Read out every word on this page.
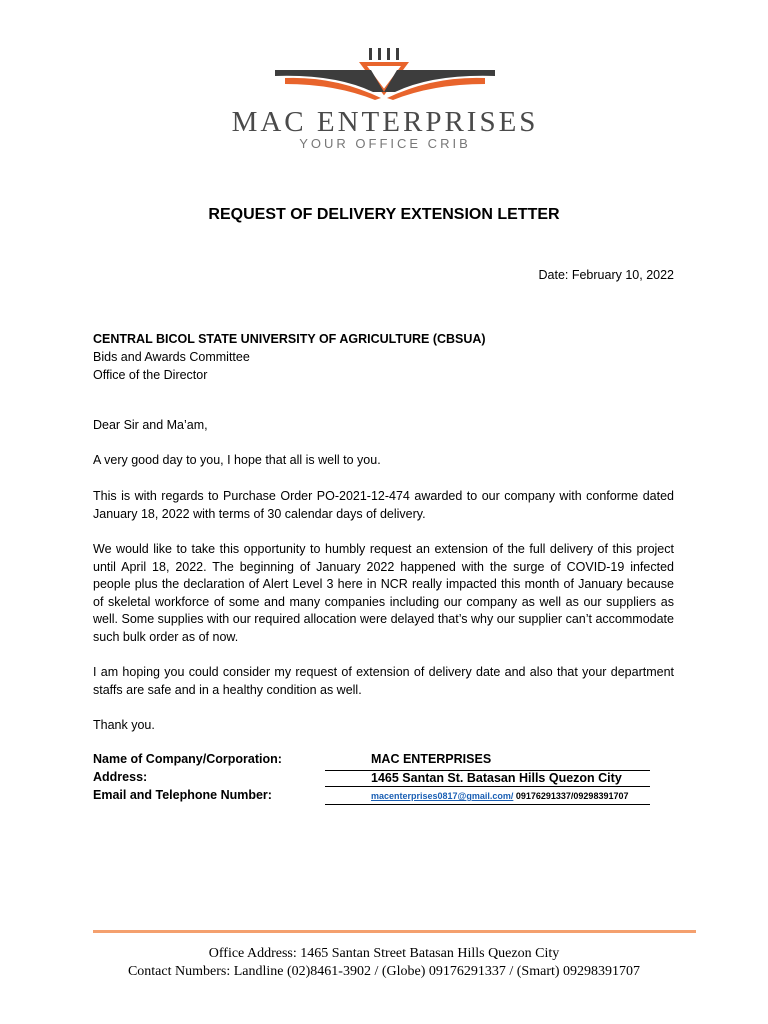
MAC ENTERPRISES
YOUR OFFICE CRIB
REQUEST OF DELIVERY EXTENSION LETTER
Date: February 10, 2022
CENTRAL BICOL STATE UNIVERSITY OF AGRICULTURE (CBSUA)
Bids and Awards Committee
Office of the Director
Dear Sir and Ma’am,
A very good day to you, I hope that all is well to you.
This is with regards to Purchase Order PO-2021-12-474 awarded to our company with conforme dated January 18, 2022 with terms of 30 calendar days of delivery.
We would like to take this opportunity to humbly request an extension of the full delivery of this project until April 18, 2022. The beginning of January 2022 happened with the surge of COVID-19 infected people plus the declaration of Alert Level 3 here in NCR really impacted this month of January because of skeletal workforce of some and many companies including our company as well as our suppliers as well. Some supplies with our required allocation were delayed that’s why our supplier can’t accommodate such bulk order as of now.
I am hoping you could consider my request of extension of delivery date and also that your department staffs are safe and in a healthy condition as well.
Thank you.
Name of Company/Corporation:	MAC ENTERPRISES
Address:	1465 Santan St. Batasan Hills Quezon City
Email and Telephone Number:	macenterprises0817@gmail.com/ 09176291337/09298391707
Office Address: 1465 Santan Street Batasan Hills Quezon City
Contact Numbers: Landline (02)8461-3902 / (Globe) 09176291337 / (Smart) 09298391707
